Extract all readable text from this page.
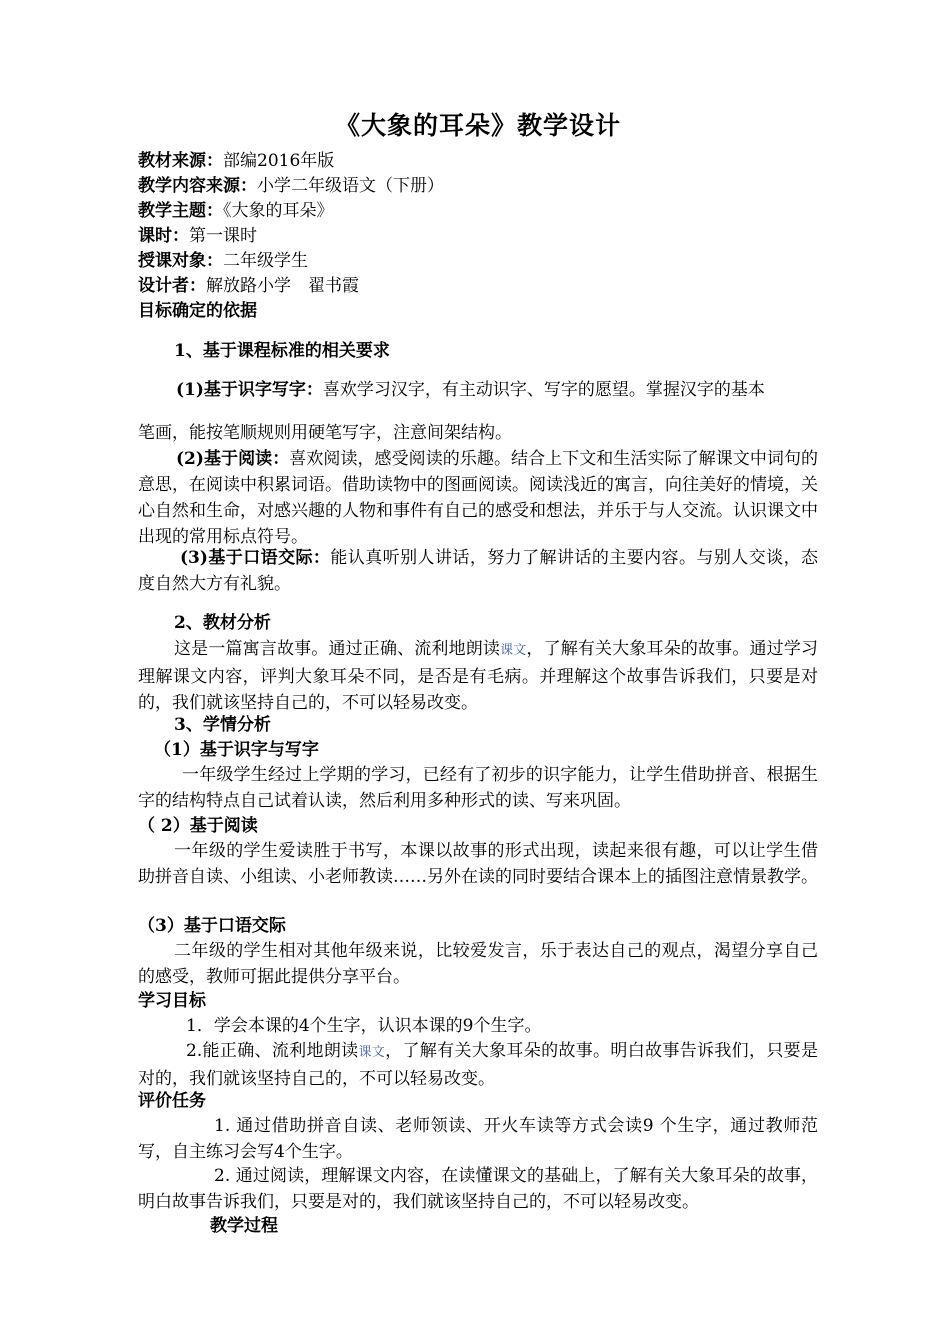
《大象的耳朵》教学设计
教材来源：部编2016年版
教学内容来源：小学二年级语文（下册）
教学主题：《大象的耳朵》
课时：第一课时
授课对象：二年级学生
设计者：解放路小学　翟书霞
目标确定的依据
1、基于课程标准的相关要求
(1)基于识字写字：喜欢学习汉字，有主动识字、写字的愿望。掌握汉字的基本
笔画，能按笔顺规则用硬笔写字，注意间架结构。
(2)基于阅读：喜欢阅读，感受阅读的乐趣。结合上下文和生活实际了解课文中词句的意思，在阅读中积累词语。借助读物中的图画阅读。阅读浅近的寓言，向往美好的情境，关心自然和生命，对感兴趣的人物和事件有自己的感受和想法，并乐于与人交流。认识课文中出现的常用标点符号。
(3)基于口语交际：能认真听别人讲话，努力了解讲话的主要内容。与别人交谈，态度自然大方有礼貌。
2、教材分析
这是一篇寓言故事。通过正确、流利地朗读课文，了解有关大象耳朵的故事。通过学习理解课文内容，评判大象耳朵不同，是否是有毛病。并理解这个故事告诉我们，只要是对的，我们就该坚持自己的，不可以轻易改变。
3、学情分析
（1）基于识字与写字
一年级学生经过上学期的学习，已经有了初步的识字能力，让学生借助拼音、根据生字的结构特点自己试着认读，然后利用多种形式的读、写来巩固。
（ 2）基于阅读
一年级的学生爱读胜于书写，本课以故事的形式出现，读起来很有趣，可以让学生借助拼音自读、小组读、小老师教读……另外在读的同时要结合课本上的插图注意情景教学。
（3）基于口语交际
二年级的学生相对其他年级来说，比较爱发言，乐于表达自己的观点，渴望分享自己的感受，教师可据此提供分享平台。
学习目标
1．学会本课的4个生字，认识本课的9个生字。
2.能正确、流利地朗读课文，了解有关大象耳朵的故事。明白故事告诉我们，只要是对的，我们就该坚持自己的，不可以轻易改变。
评价任务
1. 通过借助拼音自读、老师领读、开火车读等方式会读9 个生字，通过教师范写，自主练习会写4个生字。
2. 通过阅读，理解课文内容，在读懂课文的基础上，了解有关大象耳朵的故事，明白故事告诉我们，只要是对的，我们就该坚持自己的，不可以轻易改变。
教学过程
